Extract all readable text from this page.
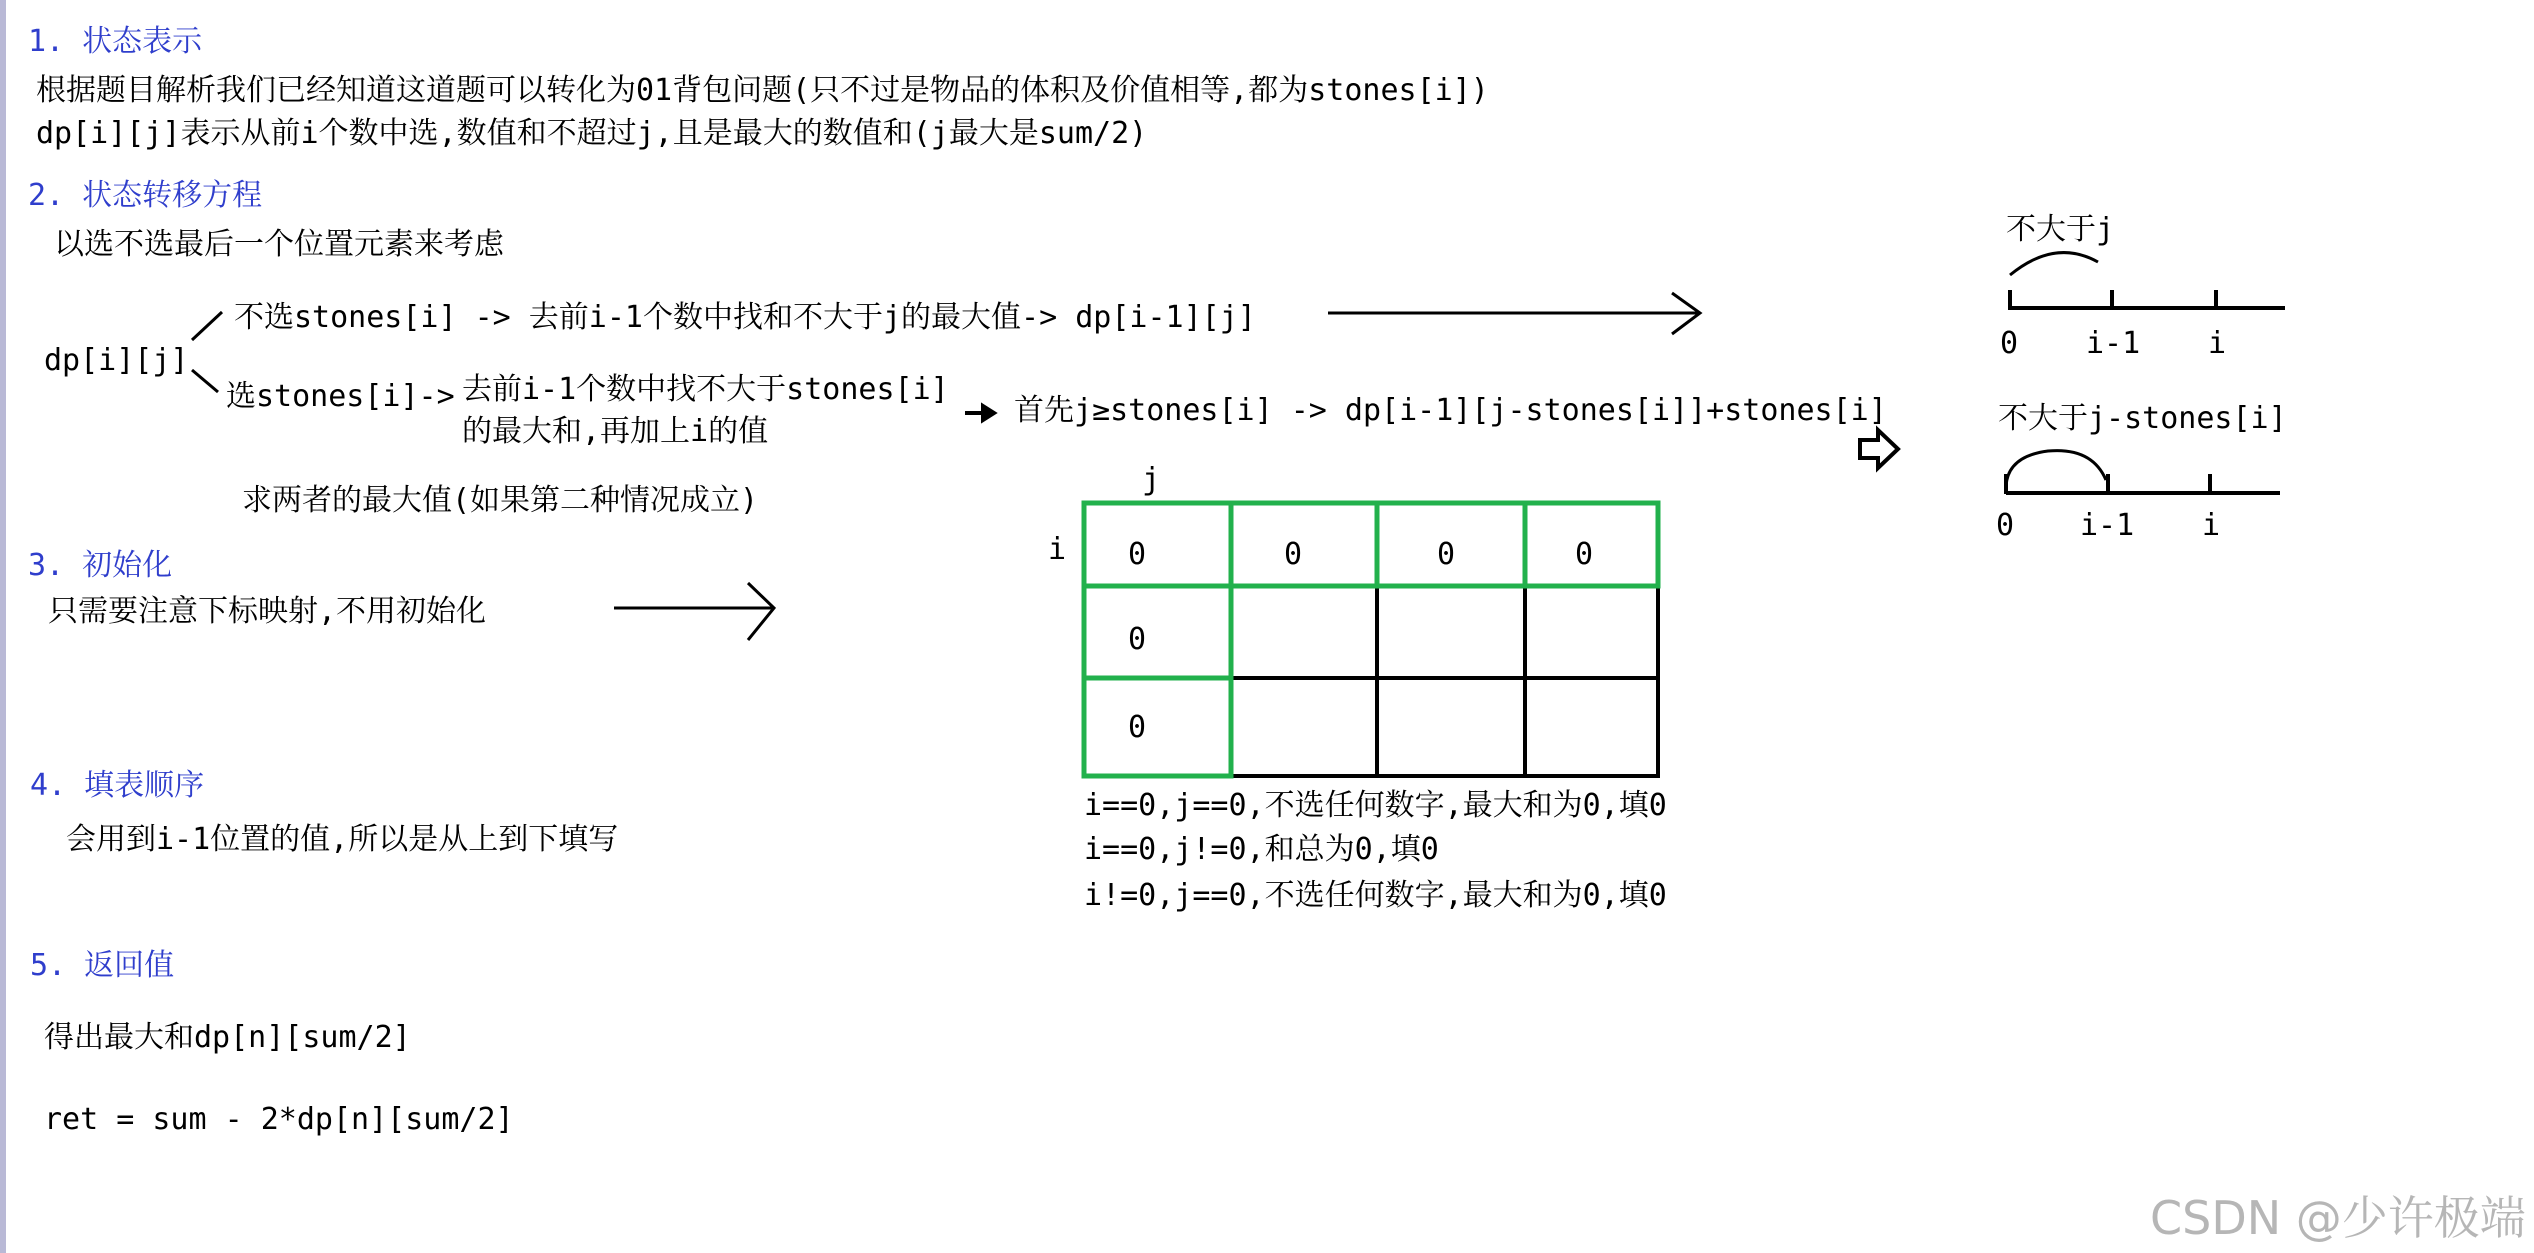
1. 状态表示
根据题目解析我们已经知道这道题可以转化为01背包问题(只不过是物品的体积及价值相等,都为stones[i])
dp[i][j]表示从前i个数中选,数值和不超过j,且是最大的数值和(j最大是sum/2)
2. 状态转移方程
以选不选最后一个位置元素来考虑
dp[i][j]
不选stones[i] -> 去前i-1个数中找和不大于j的最大值-> dp[i-1][j]
选stones[i]-> 去前i-1个数中找不大于stones[i]
的最大和,再加上i的值
首先j≥stones[i] -> dp[i-1][j-stones[i]]+stones[i]
求两者的最大值(如果第二种情况成立)
3. 初始化
只需要注意下标映射,不用初始化
4. 填表顺序
会用到i-1位置的值,所以是从上到下填写
5. 返回值
得出最大和dp[n][sum/2]
ret = sum - 2*dp[n][sum/2]
j
i 0	0	0	0
0
0
i==0,j==0,不选任何数字,最大和为0,填0
i==0,j!=0,和总为0,填0
i!=0,j==0,不选任何数字,最大和为0,填0
不大于j
0 i-1 i
不大于j-stones[i]
0 i-1 i
CSDN @少许极端
